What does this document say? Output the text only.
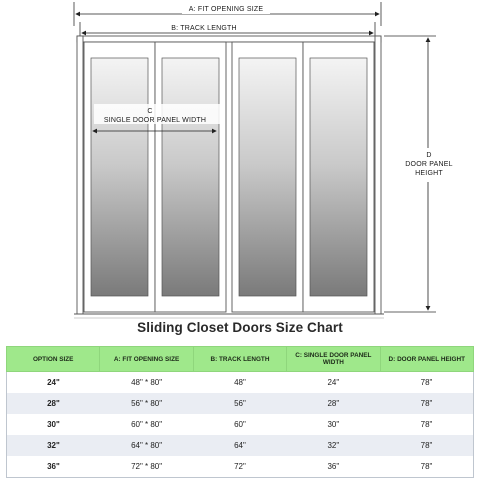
A: FIT OPENING SIZE
B: TRACK LENGTH
C
SINGLE DOOR PANEL WIDTH
D
DOOR PANEL
HEIGHT
Sliding Closet Doors Size Chart
OPTION SIZE	A: FIT OPENING SIZE	B: TRACK LENGTH	C: SINGLE DOOR PANEL WIDTH	D: DOOR PANEL HEIGHT
24"	48" * 80"	48"	24"	78"
28"	56" * 80"	56"	28"	78"
30"	60" * 80"	60"	30"	78"
32"	64" * 80"	64"	32"	78"
36"	72" * 80"	72"	36"	78"
